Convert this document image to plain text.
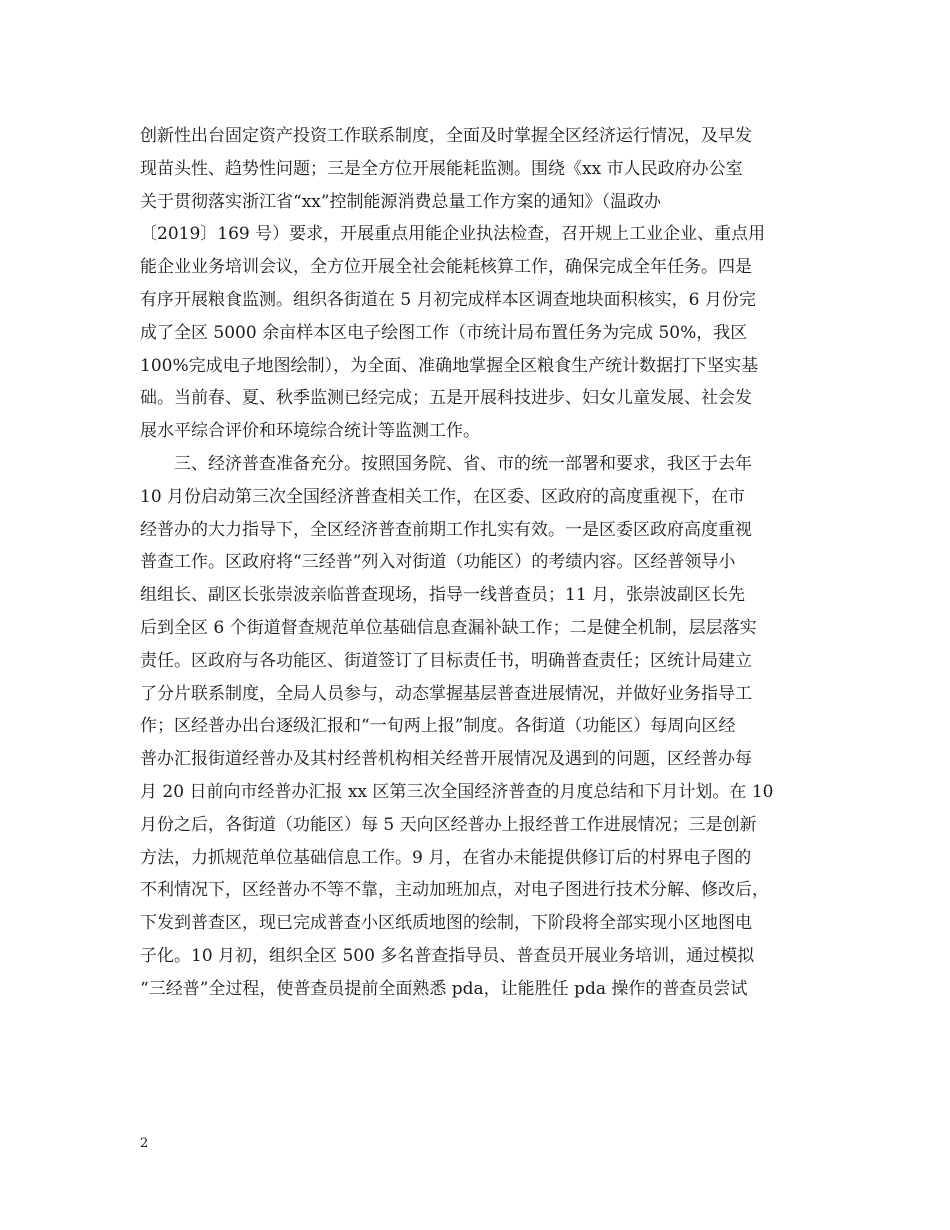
创新性出台固定资产投资工作联系制度，全面及时掌握全区经济运行情况，及早发
现苗头性、趋势性问题；三是全方位开展能耗监测。围绕《xx 市人民政府办公室
关于贯彻落实浙江省“xx”控制能源消费总量工作方案的通知》（温政办
〔2019〕169 号）要求，开展重点用能企业执法检查，召开规上工业企业、重点用
能企业业务培训会议，全方位开展全社会能耗核算工作，确保完成全年任务。四是
有序开展粮食监测。组织各街道在 5 月初完成样本区调查地块面积核实，6 月份完
成了全区 5000 余亩样本区电子绘图工作（市统计局布置任务为完成 50%，我区
100%完成电子地图绘制），为全面、准确地掌握全区粮食生产统计数据打下坚实基
础。当前春、夏、秋季监测已经完成；五是开展科技进步、妇女儿童发展、社会发
展水平综合评价和环境综合统计等监测工作。
　　三、经济普查准备充分。按照国务院、省、市的统一部署和要求，我区于去年
10 月份启动第三次全国经济普查相关工作，在区委、区政府的高度重视下，在市
经普办的大力指导下，全区经济普查前期工作扎实有效。一是区委区政府高度重视
普查工作。区政府将“三经普”列入对街道（功能区）的考绩内容。区经普领导小
组组长、副区长张崇波亲临普查现场，指导一线普查员；11 月，张崇波副区长先
后到全区 6 个街道督查规范单位基础信息查漏补缺工作；二是健全机制，层层落实
责任。区政府与各功能区、街道签订了目标责任书，明确普查责任；区统计局建立
了分片联系制度，全局人员参与，动态掌握基层普查进展情况，并做好业务指导工
作；区经普办出台逐级汇报和“一旬两上报”制度。各街道（功能区）每周向区经
普办汇报街道经普办及其村经普机构相关经普开展情况及遇到的问题，区经普办每
月 20 日前向市经普办汇报 xx 区第三次全国经济普查的月度总结和下月计划。在 10
月份之后，各街道（功能区）每 5 天向区经普办上报经普工作进展情况；三是创新
方法，力抓规范单位基础信息工作。9 月，在省办未能提供修订后的村界电子图的
不利情况下，区经普办不等不靠，主动加班加点，对电子图进行技术分解、修改后，
下发到普查区，现已完成普查小区纸质地图的绘制，下阶段将全部实现小区地图电
子化。10 月初，组织全区 500 多名普查指导员、普查员开展业务培训，通过模拟
“三经普”全过程，使普查员提前全面熟悉 pda，让能胜任 pda 操作的普查员尝试
2
